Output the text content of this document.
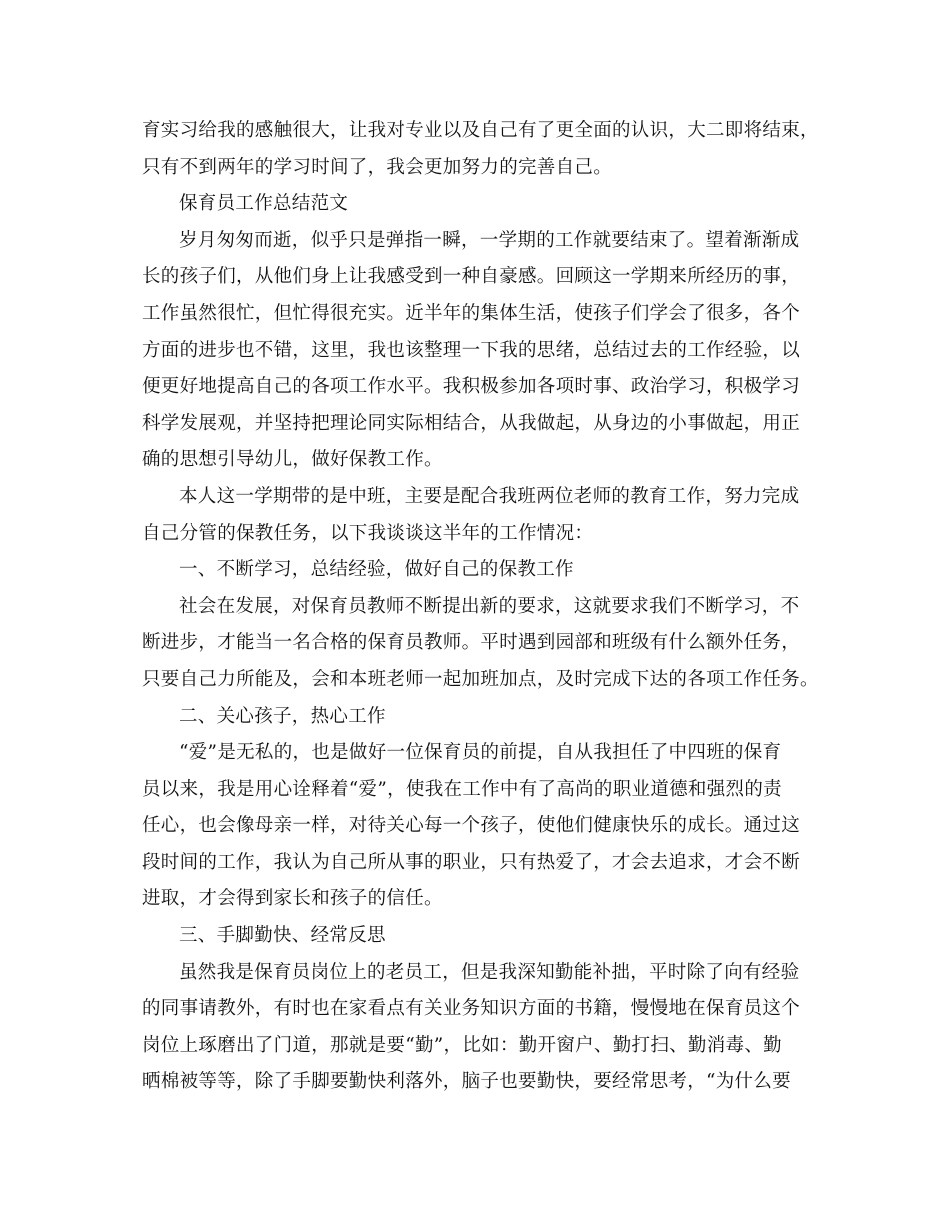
育实习给我的感触很大，让我对专业以及自己有了更全面的认识，大二即将结束，
只有不到两年的学习时间了，我会更加努力的完善自己。
保育员工作总结范文
岁月匆匆而逝，似乎只是弹指一瞬，一学期的工作就要结束了。望着渐渐成
长的孩子们，从他们身上让我感受到一种自豪感。回顾这一学期来所经历的事，
工作虽然很忙，但忙得很充实。近半年的集体生活，使孩子们学会了很多，各个
方面的进步也不错，这里，我也该整理一下我的思绪，总结过去的工作经验，以
便更好地提高自己的各项工作水平。我积极参加各项时事、政治学习，积极学习
科学发展观，并坚持把理论同实际相结合，从我做起，从身边的小事做起，用正
确的思想引导幼儿，做好保教工作。
本人这一学期带的是中班，主要是配合我班两位老师的教育工作，努力完成
自己分管的保教任务，以下我谈谈这半年的工作情况：
一、不断学习，总结经验，做好自己的保教工作
社会在发展，对保育员教师不断提出新的要求，这就要求我们不断学习，不
断进步，才能当一名合格的保育员教师。平时遇到园部和班级有什么额外任务，
只要自己力所能及，会和本班老师一起加班加点，及时完成下达的各项工作任务。
二、关心孩子，热心工作
“爱”是无私的，也是做好一位保育员的前提，自从我担任了中四班的保育
员以来，我是用心诠释着“爱”，使我在工作中有了高尚的职业道德和强烈的责
任心，也会像母亲一样，对待关心每一个孩子，使他们健康快乐的成长。通过这
段时间的工作，我认为自己所从事的职业，只有热爱了，才会去追求，才会不断
进取，才会得到家长和孩子的信任。
三、手脚勤快、经常反思
虽然我是保育员岗位上的老员工，但是我深知勤能补拙，平时除了向有经验
的同事请教外，有时也在家看点有关业务知识方面的书籍，慢慢地在保育员这个
岗位上琢磨出了门道，那就是要“勤”，比如：勤开窗户、勤打扫、勤消毒、勤
晒棉被等等，除了手脚要勤快利落外，脑子也要勤快，要经常思考，“为什么要
